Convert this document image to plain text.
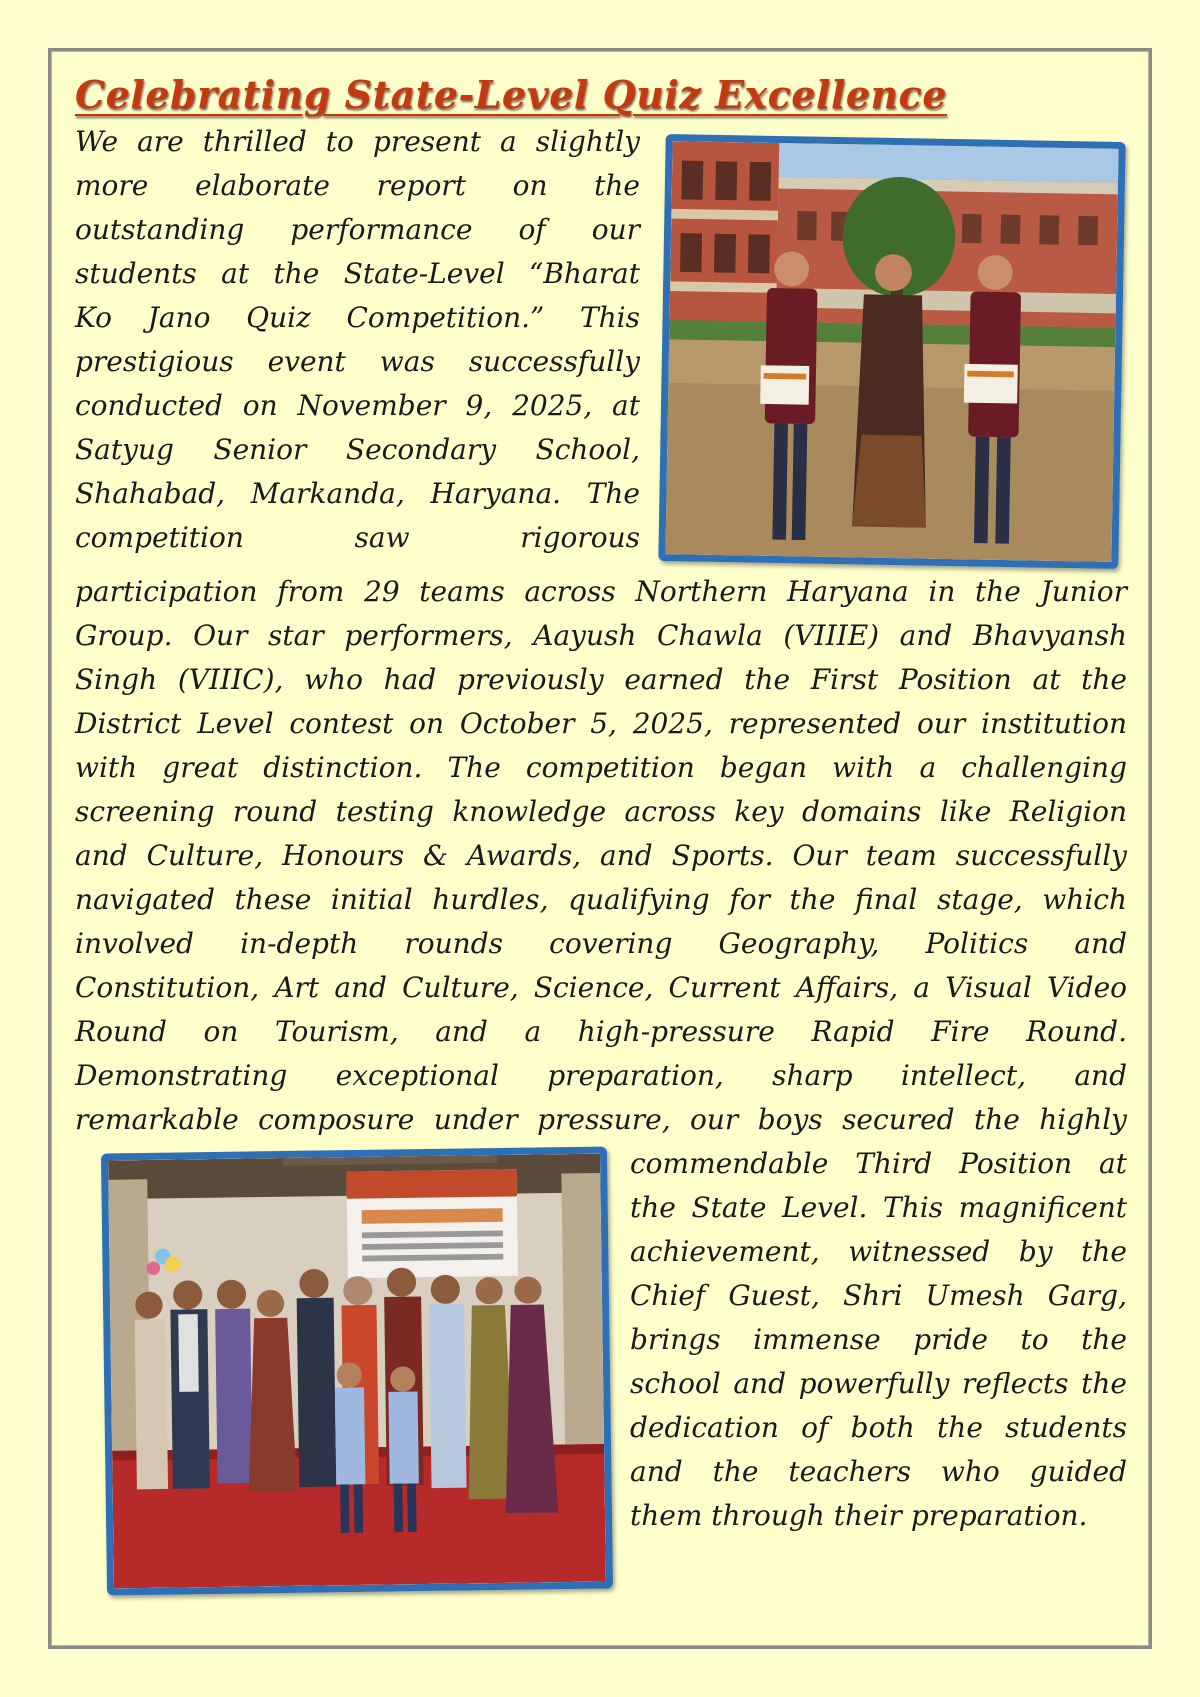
Celebrating State-Level Quiz Excellence

We are thrilled to present a slightly

more elaborate report on the

outstanding performance of our

students at the State-Level “Bharat

Ko Jano Quiz Competition.” This

prestigious event was successfully

conducted on November 9, 2025, at

Satyug Senior Secondary School,

Shahabad, Markanda, Haryana. The

competition saw rigorous

participation from 29 teams across Northern Haryana in the Junior

Group. Our star performers, Aayush Chawla (VIIIE) and Bhavyansh

Singh (VIIIC), who had previously earned the First Position at the

District Level contest on October 5, 2025, represented our institution

with great distinction. The competition began with a challenging

screening round testing knowledge across key domains like Religion

and Culture, Honours & Awards, and Sports. Our team successfully

navigated these initial hurdles, qualifying for the final stage, which

involved in-depth rounds covering Geography, Politics and

Constitution, Art and Culture, Science, Current Affairs, a Visual Video

Round on Tourism, and a high-pressure Rapid Fire Round.

Demonstrating exceptional preparation, sharp intellect, and

remarkable composure under pressure, our boys secured the highly

commendable Third Position at

the State Level. This magnificent

achievement, witnessed by the

Chief Guest, Shri Umesh Garg,

brings immense pride to the

school and powerfully reflects the

dedication of both the students

and the teachers who guided

them through their preparation.
